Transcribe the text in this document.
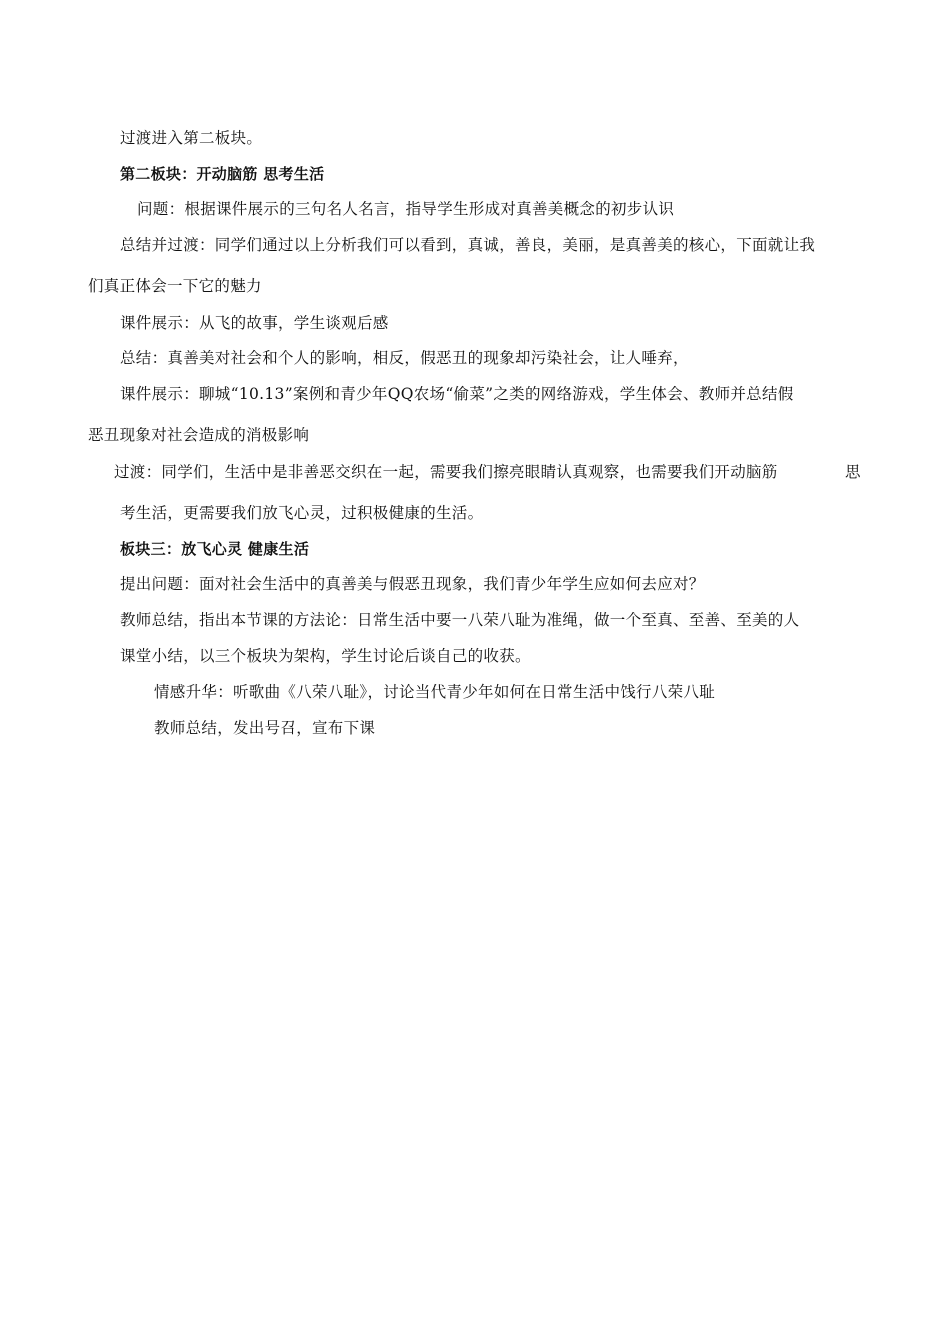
过渡进入第二板块。
第二板块：开动脑筋 思考生活
问题：根据课件展示的三句名人名言，指导学生形成对真善美概念的初步认识
总结并过渡：同学们通过以上分析我们可以看到，真诚，善良，美丽，是真善美的核心，下面就让我
们真正体会一下它的魅力
课件展示：从飞的故事，学生谈观后感
总结：真善美对社会和个人的影响，相反，假恶丑的现象却污染社会，让人唾弃，
课件展示：聊城“10.13”案例和青少年QQ农场“偷菜”之类的网络游戏，学生体会、教师并总结假
恶丑现象对社会造成的消极影响
过渡：同学们，生活中是非善恶交织在一起，需要我们擦亮眼睛认真观察，也需要我们开动脑筋	思
考生活，更需要我们放飞心灵，过积极健康的生活。
板块三：放飞心灵 健康生活
提出问题：面对社会生活中的真善美与假恶丑现象，我们青少年学生应如何去应对？
教师总结，指出本节课的方法论：日常生活中要一八荣八耻为准绳，做一个至真、至善、至美的人
课堂小结，以三个板块为架构，学生讨论后谈自己的收获。
情感升华：听歌曲《八荣八耻》，讨论当代青少年如何在日常生活中饯行八荣八耻
教师总结，发出号召，宣布下课
